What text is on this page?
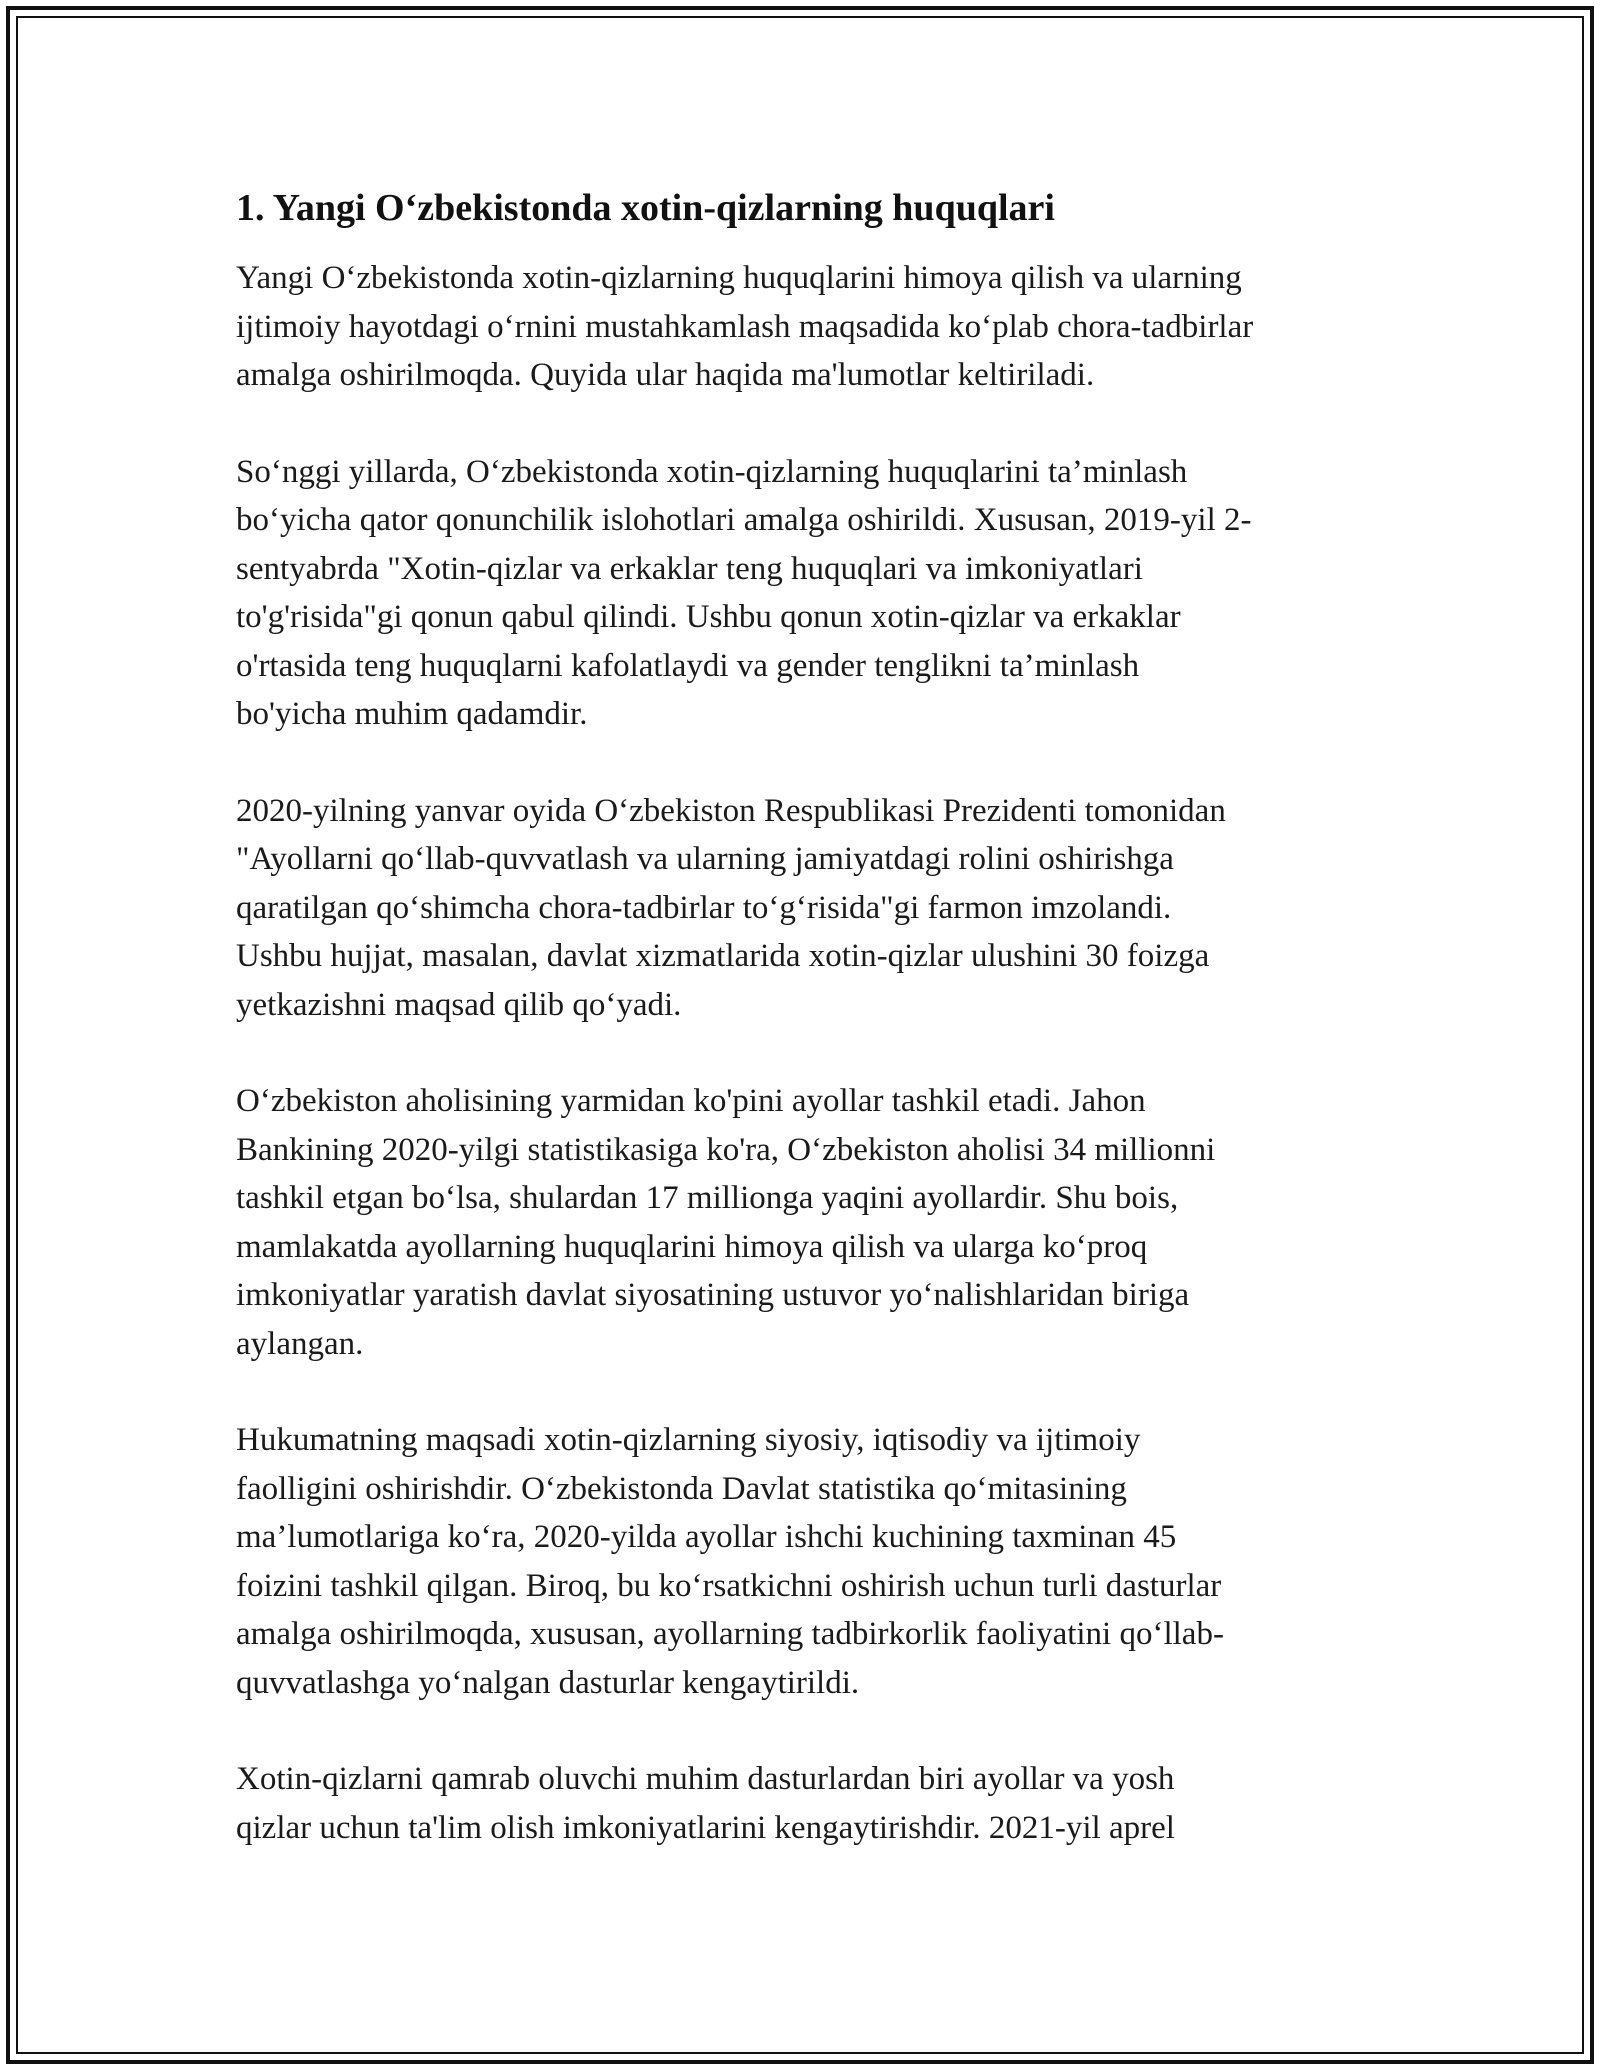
1. Yangi O‘zbekistonda xotin-qizlarning huquqlari

Yangi O‘zbekistonda xotin-qizlarning huquqlarini himoya qilish va ularning
ijtimoiy hayotdagi o‘rnini mustahkamlash maqsadida ko‘plab chora-tadbirlar
amalga oshirilmoqda. Quyida ular haqida ma'lumotlar keltiriladi.

So‘nggi yillarda, O‘zbekistonda xotin-qizlarning huquqlarini ta’minlash
bo‘yicha qator qonunchilik islohotlari amalga oshirildi. Xususan, 2019-yil 2-
sentyabrda "Xotin-qizlar va erkaklar teng huquqlari va imkoniyatlari
to'g'risida"gi qonun qabul qilindi. Ushbu qonun xotin-qizlar va erkaklar
o'rtasida teng huquqlarni kafolatlaydi va gender tenglikni ta’minlash
bo'yicha muhim qadamdir.

2020-yilning yanvar oyida O‘zbekiston Respublikasi Prezidenti tomonidan
"Ayollarni qo‘llab-quvvatlash va ularning jamiyatdagi rolini oshirishga
qaratilgan qo‘shimcha chora-tadbirlar to‘g‘risida"gi farmon imzolandi.
Ushbu hujjat, masalan, davlat xizmatlarida xotin-qizlar ulushini 30 foizga
yetkazishni maqsad qilib qo‘yadi.

O‘zbekiston aholisining yarmidan ko'pini ayollar tashkil etadi. Jahon
Bankining 2020-yilgi statistikasiga ko'ra, O‘zbekiston aholisi 34 millionni
tashkil etgan bo‘lsa, shulardan 17 millionga yaqini ayollardir. Shu bois,
mamlakatda ayollarning huquqlarini himoya qilish va ularga ko‘proq
imkoniyatlar yaratish davlat siyosatining ustuvor yo‘nalishlaridan biriga
aylangan.

Hukumatning maqsadi xotin-qizlarning siyosiy, iqtisodiy va ijtimoiy
faolligini oshirishdir. O‘zbekistonda Davlat statistika qo‘mitasining
ma’lumotlariga ko‘ra, 2020-yilda ayollar ishchi kuchining taxminan 45
foizini tashkil qilgan. Biroq, bu ko‘rsatkichni oshirish uchun turli dasturlar
amalga oshirilmoqda, xususan, ayollarning tadbirkorlik faoliyatini qo‘llab-
quvvatlashga yo‘nalgan dasturlar kengaytirildi.

Xotin-qizlarni qamrab oluvchi muhim dasturlardan biri ayollar va yosh
qizlar uchun ta'lim olish imkoniyatlarini kengaytirishdir. 2021-yil aprel
